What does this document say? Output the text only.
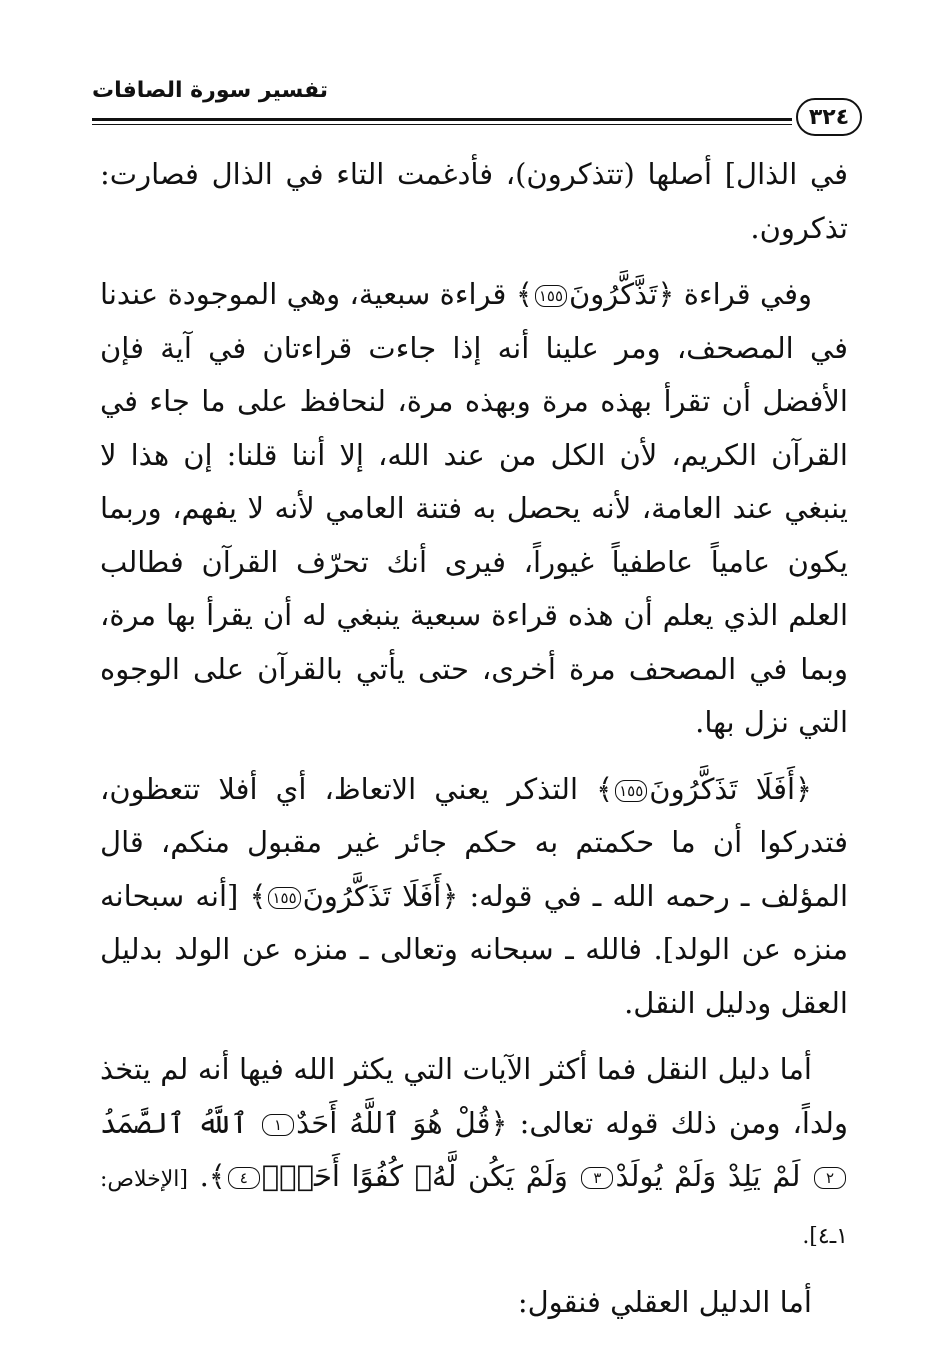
تفسير سورة الصافات
٣٢٤

في الذال] أصلها (تتذكرون)، فأدغمت التاء في الذال فصارت: تذكرون.

وفي قراءة ﴿تَذَّكَّرُونَ١٥٥﴾ قراءة سبعية، وهي الموجودة عندنا في المصحف، ومر علينا أنه إذا جاءت قراءتان في آية فإن الأفضل أن تقرأ بهذه مرة وبهذه مرة، لنحافظ على ما جاء في القرآن الكريم، لأن الكل من عند الله، إلا أننا قلنا: إن هذا لا ينبغي عند العامة، لأنه يحصل به فتنة العامي لأنه لا يفهم، وربما يكون عامياً عاطفياً غيوراً، فيرى أنك تحرّف القرآن فطالب العلم الذي يعلم أن هذه قراءة سبعية ينبغي له أن يقرأ بها مرة، وبما في المصحف مرة أخرى، حتى يأتي بالقرآن على الوجوه التي نزل بها.

﴿أَفَلَا تَذَكَّرُونَ١٥٥﴾ التذكر يعني الاتعاظ، أي أفلا تتعظون، فتدركوا أن ما حكمتم به حكم جائر غير مقبول منكم، قال المؤلف ـ رحمه الله ـ في قوله: ﴿أَفَلَا تَذَكَّرُونَ١٥٥﴾ [أنه سبحانه منزه عن الولد]. فالله ـ سبحانه وتعالى ـ منزه عن الولد بدليل العقل ودليل النقل.

أما دليل النقل فما أكثر الآيات التي يكثر الله فيها أنه لم يتخذ ولداً، ومن ذلك قوله تعالى: ﴿قُلْ هُوَ ٱللَّهُ أَحَدٌ١ ٱللَّهُ ٱلصَّمَدُ٢ لَمْ يَلِدْ وَلَمْ يُولَدْ٣ وَلَمْ يَكُن لَّهُۥ كُفُوًا أَحَدٌۢ٤﴾. [الإخلاص: ١ـ٤].

أما الدليل العقلي فنقول:
